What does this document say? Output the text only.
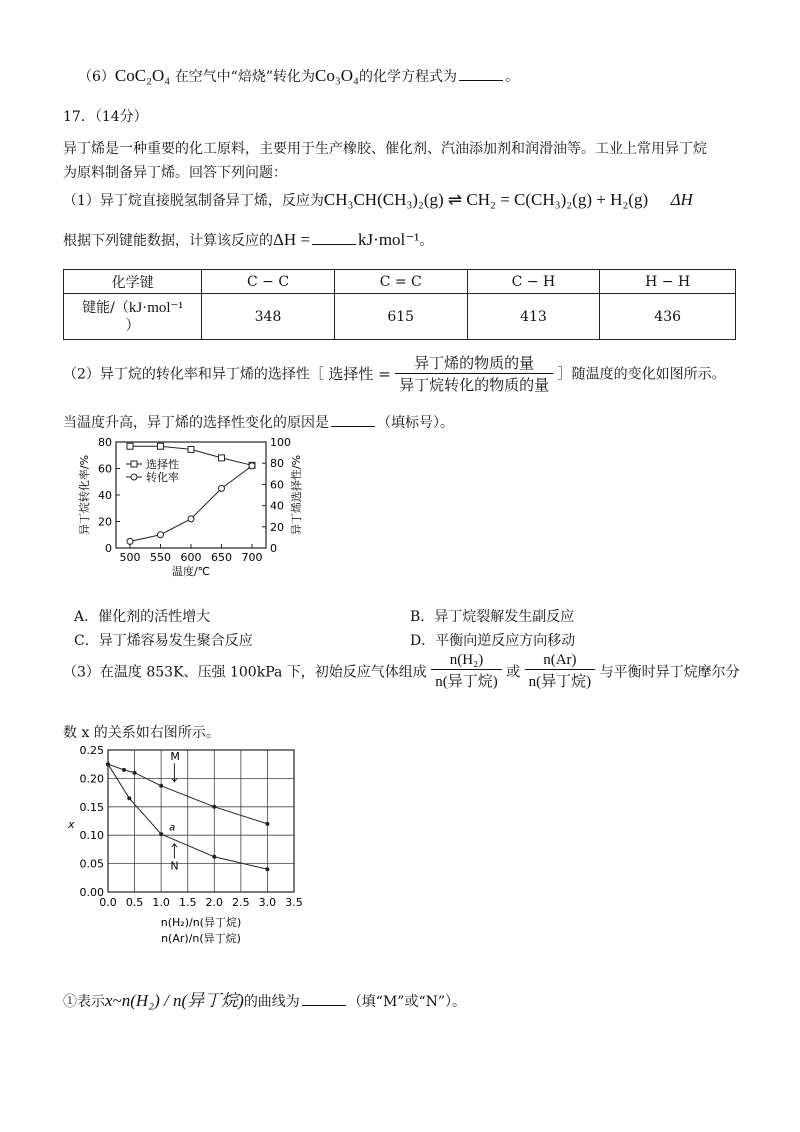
（6）CoC₂O₄ 在空气中“焙烧”转化为Co₃O₄的化学方程式为	。
17．（14分）
异丁烯是一种重要的化工原料，主要用于生产橡胶、催化剂、汽油添加剂和润滑油等。工业上常用异丁烷
为原料制备异丁烯。回答下列问题：
（1）异丁烷直接脱氢制备异丁烯，反应为CH₃CH(CH₃)₂(g) ⇌ CH₂ = C(CH₃)₂(g) + H₂(g) ΔH
根据下列键能数据，计算该反应的ΔH =	kJ·mol⁻¹。
化学键	C − C	C = C	C − H	H − H
键能/（kJ·mol⁻¹
）	348	615	413	436
（2）异丁烷的转化率和异丁烯的选择性［ 选择性 = $\frac{\text{异丁烯的物质的量}}{\text{异丁烷转化的物质的量}}$ ］随温度的变化如图所示。
当温度升高，异丁烯的选择性变化的原因是	（填标号）。
0
20
40
60
80
0
20
40
60
80
100
500 550 600 650 700
温度/℃
异丁烷转化率/%	异丁烯选择性/%
选择性
转化率
A．催化剂的活性增大	B．异丁烷裂解发生副反应
C．异丁烯容易发生聚合反应	D．平衡向逆反应方向移动
（3）在温度 853K、压强 100kPa 下，初始反应气体组成 $\frac{\text{n(H₂)}}{\text{n(异丁烷)}}$ 或 $\frac{n(Ar)}{\text{n(异丁烷)}}$ 与平衡时异丁烷摩尔分
数 x 的关系如右图所示。
0.0 0.5 1.0 1.5 2.0 2.5 3.0 3.5
0.00
0.05
0.10
0.15
0.20
0.25
x
M
N
a
n(H₂)/n(异丁烷)
n(Ar)/n(异丁烷)
①表示x~n(H₂) / n(异丁烷)的曲线为	（填“M”或“N”）。
